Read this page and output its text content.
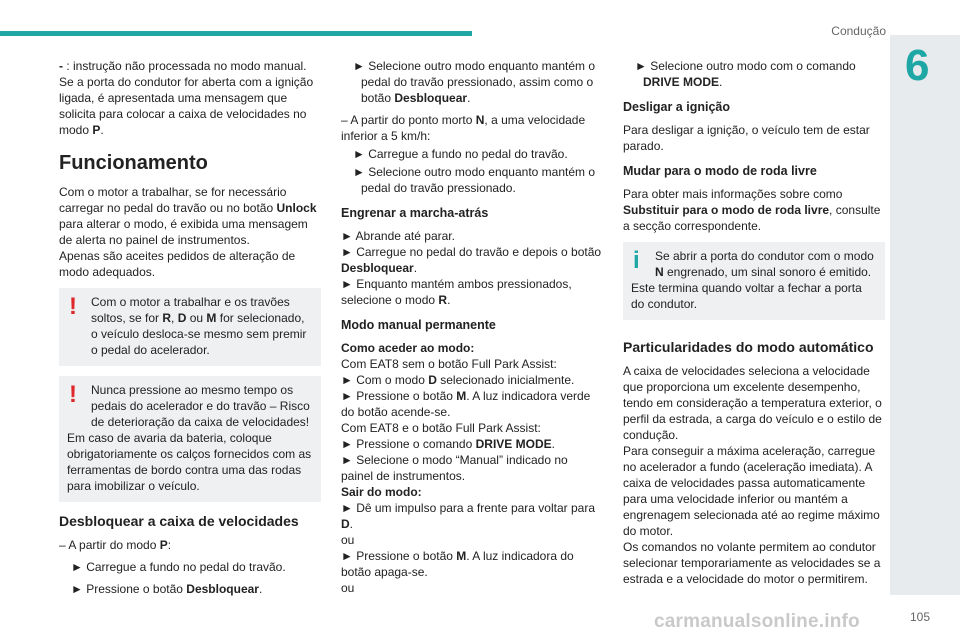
Condução
6

- : instrução não processada no modo manual. Se a porta do condutor for aberta com a ignição ligada, é apresentada uma mensagem que solicita para colocar a caixa de velocidades no modo P.

Funcionamento

Com o motor a trabalhar, se for necessário carregar no pedal do travão ou no botão Unlock para alterar o modo, é exibida uma mensagem de alerta no painel de instrumentos.
Apenas são aceites pedidos de alteração de modo adequados.

!	Com o motor a trabalhar e os travões soltos, se for R, D ou M for selecionado, o veículo desloca-se mesmo sem premir o pedal do acelerador.
!	Nunca pressione ao mesmo tempo os pedais do acelerador e do travão – Risco de deterioração da caixa de velocidades!
Em caso de avaria da bateria, coloque obrigatoriamente os calços fornecidos com as ferramentas de bordo contra uma das rodas para imobilizar o veículo.
Desbloquear a caixa de velocidades

– A partir do modo P:

► Carregue a fundo no pedal do travão.

► Pressione o botão Desbloquear.

► Selecione outro modo enquanto mantém o pedal do travão pressionado, assim como o botão Desbloquear.

– A partir do ponto morto N, a uma velocidade inferior a 5 km/h:

► Carregue a fundo no pedal do travão.

► Selecione outro modo enquanto mantém o pedal do travão pressionado.

Engrenar a marcha-atrás

► Abrande até parar.
► Carregue no pedal do travão e depois o botão Desbloquear.
► Enquanto mantém ambos pressionados, selecione o modo R.

Modo manual permanente

Como aceder ao modo:
Com EAT8 sem o botão Full Park Assist:
► Com o modo D selecionado inicialmente.
► Pressione o botão M. A luz indicadora verde do botão acende-se.
Com EAT8 e o botão Full Park Assist:
► Pressione o comando DRIVE MODE.
► Selecione o modo “Manual” indicado no painel de instrumentos.
Sair do modo:
► Dê um impulso para a frente para voltar para D.
ou
► Pressione o botão M. A luz indicadora do botão apaga-se.
ou

► Selecione outro modo com o comando DRIVE MODE.

Desligar a ignição

Para desligar a ignição, o veículo tem de estar parado.

Mudar para o modo de roda livre

Para obter mais informações sobre como Substituir para o modo de roda livre, consulte a secção correspondente.

i	Se abrir a porta do condutor com o modo N engrenado, um sinal sonoro é emitido.
Este termina quando voltar a fechar a porta do condutor.
Particularidades do modo automático

A caixa de velocidades seleciona a velocidade que proporciona um excelente desempenho, tendo em consideração a temperatura exterior, o perfil da estrada, a carga do veículo e o estilo de condução.
Para conseguir a máxima aceleração, carregue no acelerador a fundo (aceleração imediata). A caixa de velocidades passa automaticamente para uma velocidade inferior ou mantém a engrenagem selecionada até ao regime máximo do motor.
Os comandos no volante permitem ao condutor selecionar temporariamente as velocidades se a estrada e a velocidade do motor o permitirem.

carmanualsonline.info	105
